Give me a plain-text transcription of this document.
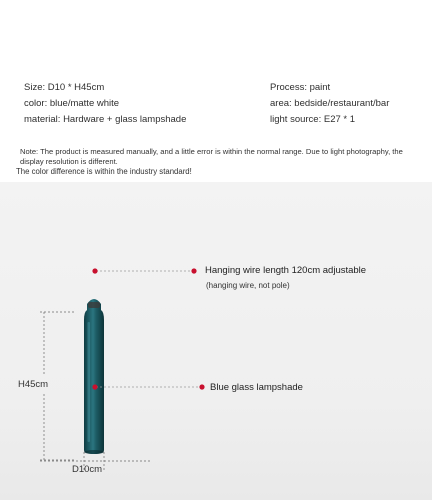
Size: D10 * H45cm
color: blue/matte white
material: Hardware + glass lampshade
Process: paint
area: bedside/restaurant/bar
light source: E27 * 1
Note: The product is measured manually, and a little error is within the normal range. Due to light photography, the display resolution is different.
The color difference is within the industry standard!
Hanging wire length 120cm adjustable
(hanging wire, not pole)
Blue glass lampshade
H45cm
D10cm
